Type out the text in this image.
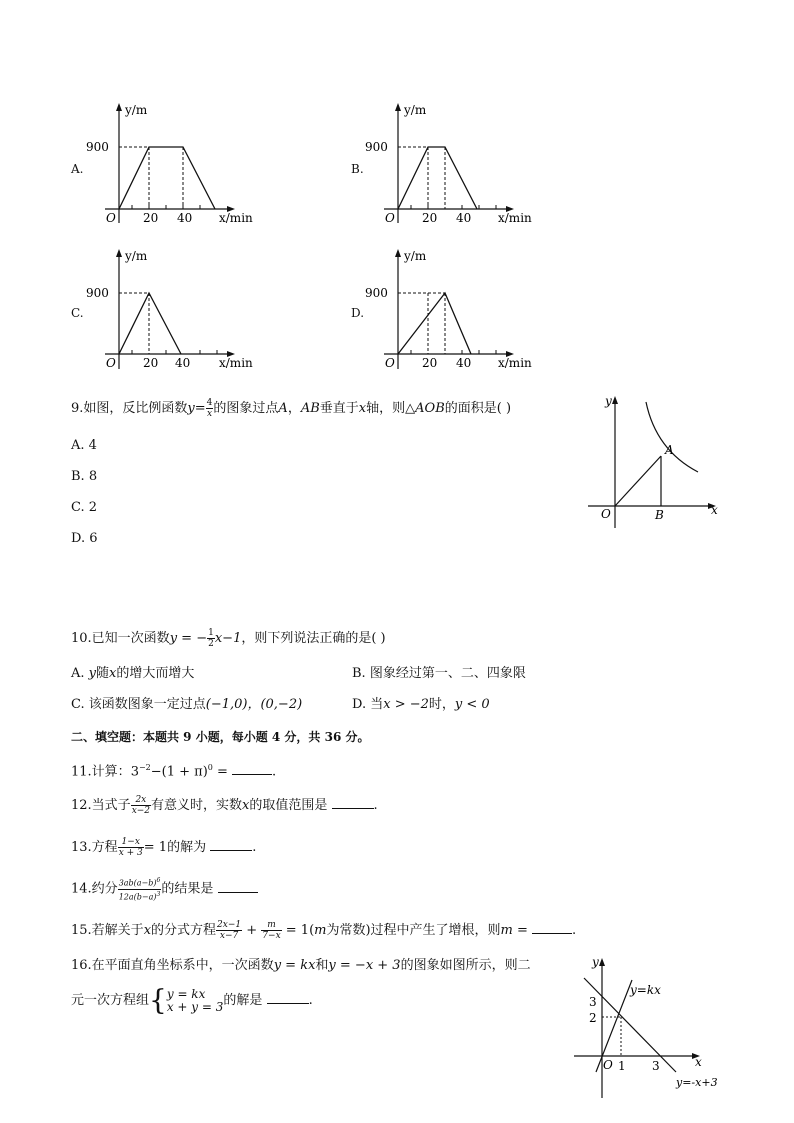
A.
y/m
900
O 20 40 x/min
B.
y/m
900
O 20 40 x/min
C.
y/m
900
O 20 40 x/min
D.
y/m
900
O 20 40 x/min
9.如图，反比例函数$y= \frac{4}{x}$ 的图象过点A，AB垂直于x轴，则△AOB的面积是( )
A. 4
B. 8
C. 2
D. 6
y
x
O
A
B
10.已知一次函数y = − $\frac{1}{2} x-1$，则下列说法正确的是( )
A. y随x的增大而增大	B. 图象经过第一、二、四象限
C. 该函数图象一定过点(−1,0)，(0,−2)	D. 当x > −2时，y < 0
二、填空题：本题共 9 小题，每小题 4 分，共 36 分。
11.计算：$3^{-2}-(1 + \pi)^0$ =	.
12.当式子 $\frac{2x}{x-2}$ 有意义时，实数x的取值范围是	.
13.方程 $\frac{1-x}{x + 3} = 1$的解为	.
14.约分 $\frac{3ab(a-b)^6}{12a(b-a)^3}$ 的结果是
15.若解关于x的分式方程 $\frac{2x-1}{x-7} + \frac{m}{7-x} = 1(m$为常数)过程中产生了增根，则m =	.
16.在平面直角坐标系中，一次函数y = kx和y = −x + 3的图象如图所示，则二
元一次方程组{ y = kx
x + y = 3 的解是	.
y
x
O
3
2
1 3
y=kx
y=-x+3
